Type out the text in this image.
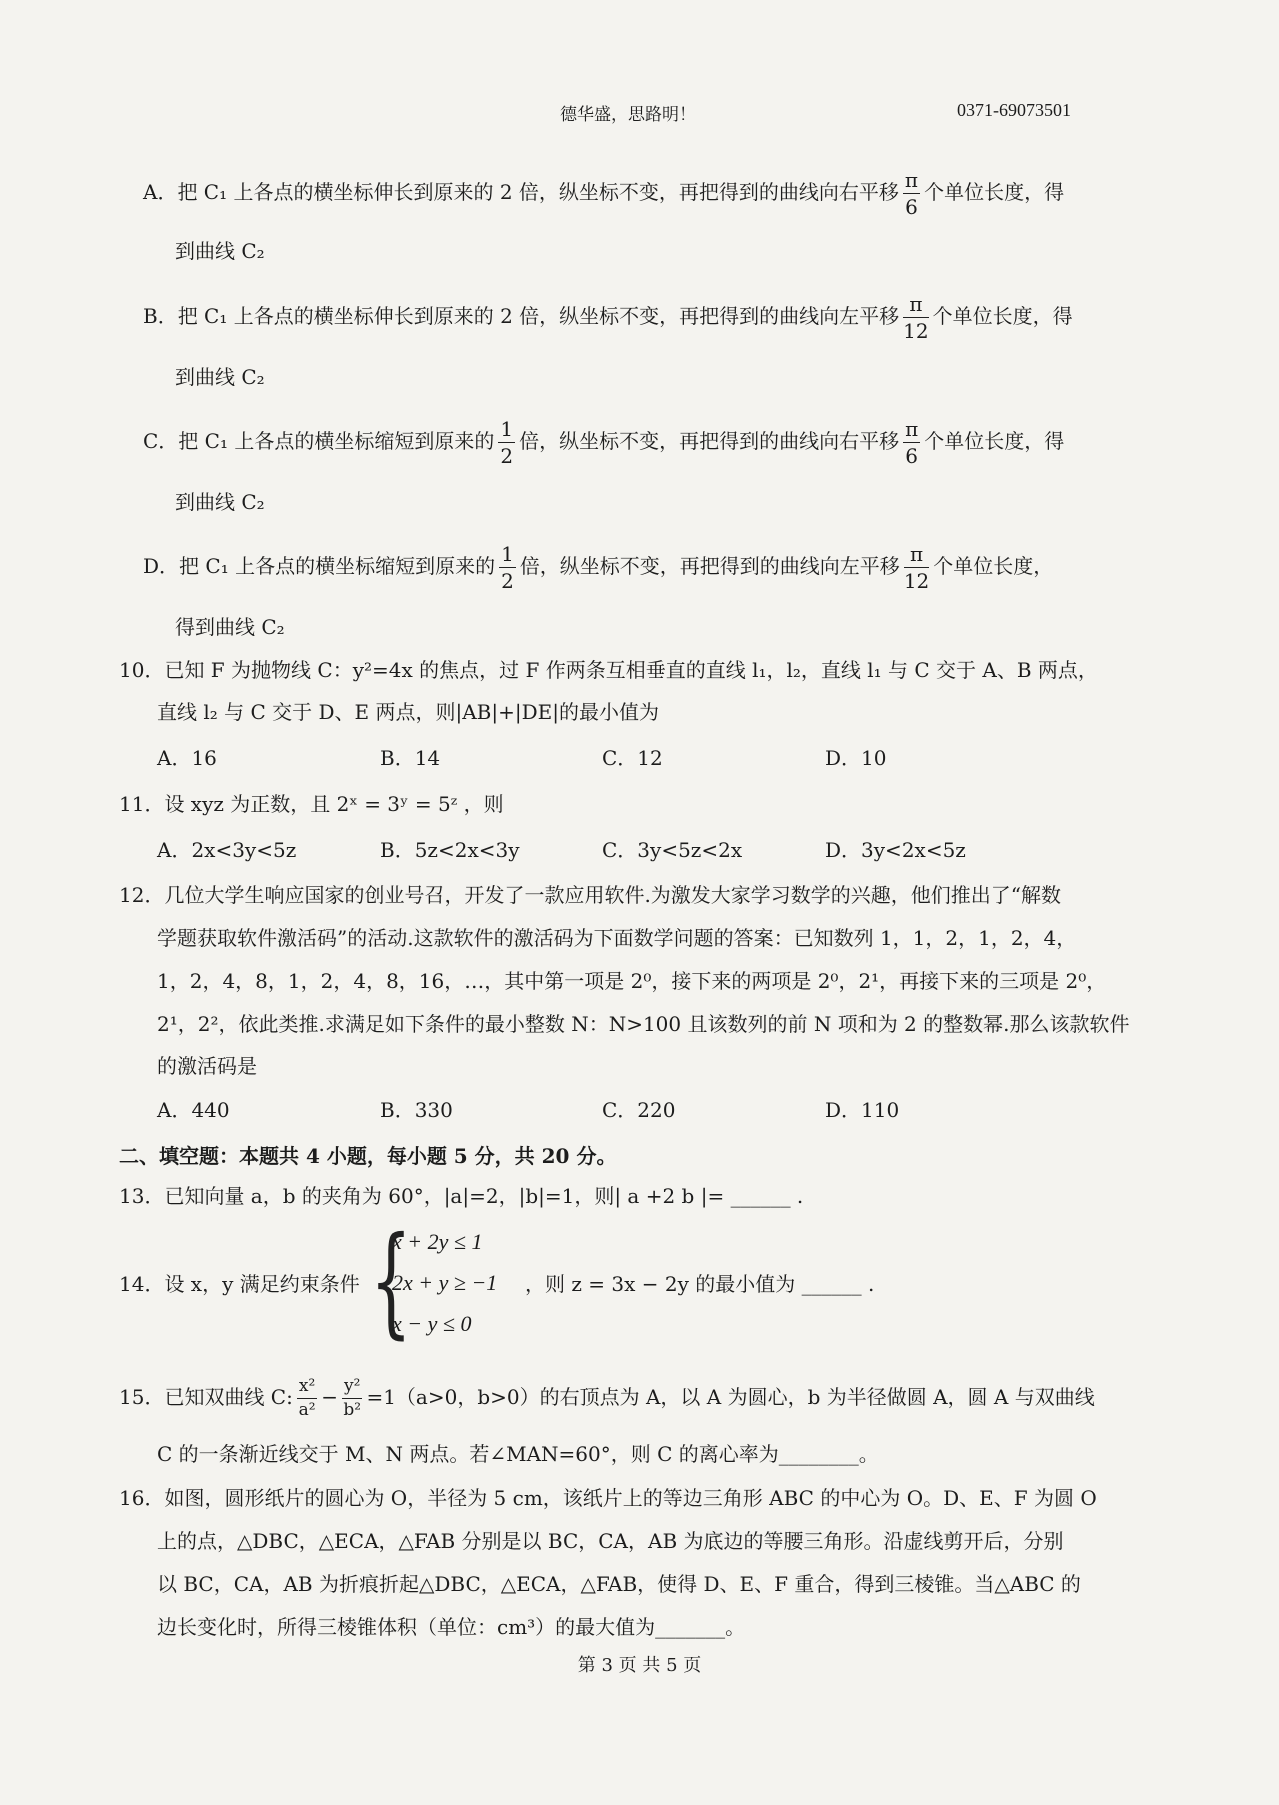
德华盛，思路明！	0371-69073501
A．把 C₁ 上各点的横坐标伸长到原来的 2 倍，纵坐标不变，再把得到的曲线向右平移 $\frac{\pi}{6}$ 个单位长度，得
到曲线 C₂
B．把 C₁ 上各点的横坐标伸长到原来的 2 倍，纵坐标不变，再把得到的曲线向左平移 $\frac{\pi}{12}$ 个单位长度，得
到曲线 C₂
C．把 C₁ 上各点的横坐标缩短到原来的 $\frac{1}{2}$ 倍，纵坐标不变，再把得到的曲线向右平移 $\frac{\pi}{6}$ 个单位长度，得
到曲线 C₂
D．把 C₁ 上各点的横坐标缩短到原来的 $\frac{1}{2}$ 倍，纵坐标不变，再把得到的曲线向左平移 $\frac{\pi}{12}$ 个单位长度，
得到曲线 C₂
10．已知 F 为抛物线 C：y²=4x 的焦点，过 F 作两条互相垂直的直线 l₁，l₂，直线 l₁ 与 C 交于 A、B 两点，
直线 l₂ 与 C 交于 D、E 两点，则|AB|+|DE|的最小值为
A．16	B．14	C．12	D．10
11．设 xyz 为正数，且 2ˣ = 3ʸ = 5ᶻ ，则
A．2x<3y<5z	B．5z<2x<3y	C．3y<5z<2x	D．3y<2x<5z
12．几位大学生响应国家的创业号召，开发了一款应用软件.为激发大家学习数学的兴趣，他们推出了“解数
学题获取软件激活码”的活动.这款软件的激活码为下面数学问题的答案：已知数列 1，1，2，1，2，4，
1，2，4，8，1，2，4，8，16，…，其中第一项是 2⁰，接下来的两项是 2⁰，2¹，再接下来的三项是 2⁰，
2¹，2²，依此类推.求满足如下条件的最小整数 N：N>100 且该数列的前 N 项和为 2 的整数幂.那么该款软件
的激活码是
A．440	B．330	C．220	D．110
二、填空题：本题共 4 小题，每小题 5 分，共 20 分。
13．已知向量 a，b 的夹角为 60°，|a|=2，|b|=1，则| a +2 b |= ______ .
14．设 x，y 满足约束条件 {
x + 2y ≤ 1
2x + y ≥ −1
x − y ≤ 0
，则 z = 3x − 2y 的最小值为 ______ .
15．已知双曲线 C: $\frac{\text{x²}}{\text{a²}} - \frac{\text{y²}}{\text{b²}} =1(a>0$，b>0）的右顶点为 A，以 A 为圆心，b 为半径做圆 A，圆 A 与双曲线
C 的一条渐近线交于 M、N 两点。若∠MAN=60°，则 C 的离心率为________。
16．如图，圆形纸片的圆心为 O，半径为 5 cm，该纸片上的等边三角形 ABC 的中心为 O。D、E、F 为圆 O
上的点，△DBC，△ECA，△FAB 分别是以 BC，CA，AB 为底边的等腰三角形。沿虚线剪开后，分别
以 BC，CA，AB 为折痕折起△DBC，△ECA，△FAB，使得 D、E、F 重合，得到三棱锥。当△ABC 的
边长变化时，所得三棱锥体积（单位：cm³）的最大值为_______。
第 3 页 共 5 页
